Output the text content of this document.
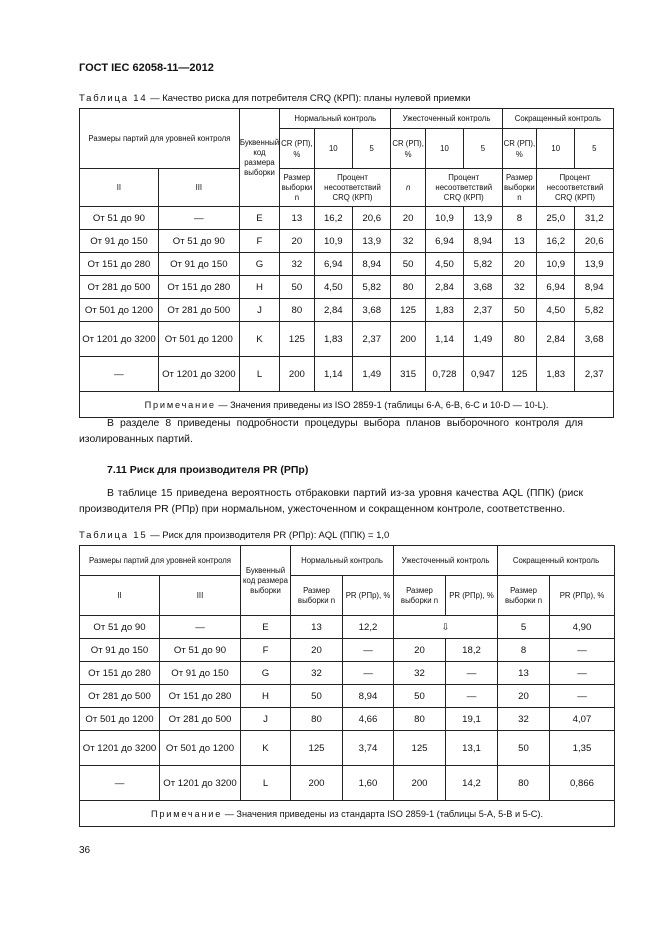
ГОСТ IEC 62058-11—2012
Таблица 14 — Качество риска для потребителя CRQ (КРП): планы нулевой приемки
Размеры партий для уровней контроля		Буквенный код размера выборки	Нормальный контроль			Ужесточенный контроль			Сокращенный контроль		
			CR (РП), %	10	5	CR (РП), %	10	5	CR (РП), %	10	5
II	III		Размер выборки n	Процент несоответствий CRQ (КРП)		n	Процент несоответствий CRQ (КРП)		Размер выборки n	Процент несоответствий CRQ (КРП)	
От 51 до 90	—	E	13	16,2	20,6	20	10,9	13,9	8	25,0	31,2
От 91 до 150	От 51 до 90	F	20	10,9	13,9	32	6,94	8,94	13	16,2	20,6
От 151 до 280	От 91 до 150	G	32	6,94	8,94	50	4,50	5,82	20	10,9	13,9
От 281 до 500	От 151 до 280	H	50	4,50	5,82	80	2,84	3,68	32	6,94	8,94
От 501 до 1200	От 281 до 500	J	80	2,84	3,68	125	1,83	2,37	50	4,50	5,82
От 1201 до 3200	От 501 до 1200	K	125	1,83	2,37	200	1,14	1,49	80	2,84	3,68
—	От 1201 до 3200	L	200	1,14	1,49	315	0,728	0,947	125	1,83	2,37
Примечание — Значения приведены из ISO 2859-1 (таблицы 6-А, 6-В, 6-С и 10-D — 10-L).											
В разделе 8 приведены подробности процедуры выбора планов выборочного контроля для изолированных партий.
7.11 Риск для производителя PR (РПр)
В таблице 15 приведена вероятность отбраковки партий из-за уровня качества AQL (ППК) (риск производителя PR (РПр) при нормальном, ужесточенном и сокращенном контроле, соответственно.
Таблица 15 — Риск для производителя PR (РПр): AQL (ППК) = 1,0
Размеры партий для уровней контроля		Буквенный код размера выборки	Нормальный контроль		Ужесточенный контроль		Сокращенный контроль	
II	III		Размер выборки n	PR (РПр), %	Размер выборки n	PR (РПр), %	Размер выборки n	PR (РПр), %
От 51 до 90	—	E	13	12,2	⇩		5	4,90
От 91 до 150	От 51 до 90	F	20	—	20	18,2	8	—
От 151 до 280	От 91 до 150	G	32	—	32	—	13	—
От 281 до 500	От 151 до 280	H	50	8,94	50	—	20	—
От 501 до 1200	От 281 до 500	J	80	4,66	80	19,1	32	4,07
От 1201 до 3200	От 501 до 1200	K	125	3,74	125	13,1	50	1,35
—	От 1201 до 3200	L	200	1,60	200	14,2	80	0,866
Примечание — Значения приведены из стандарта ISO 2859-1 (таблицы 5-А, 5-В и 5-С).								
36
